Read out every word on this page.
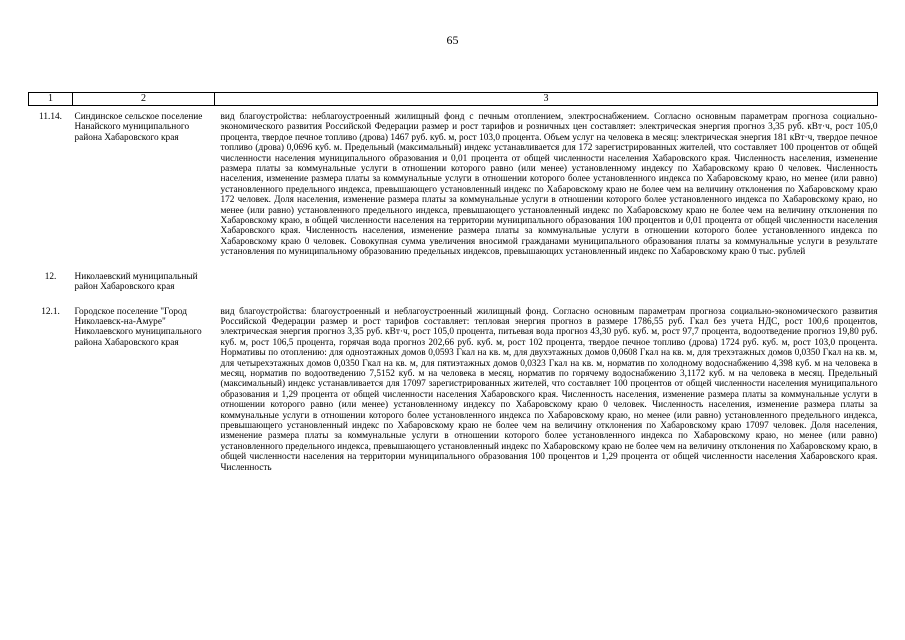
65
1	2	3
11.14.	Синдинское сельское поселение Нанайского муниципального района Хабаровского края	вид благоустройства: неблагоустроенный жилищный фонд с печным отоплением, электроснабжением. Согласно основным параметрам прогноза социально-экономического развития Российской Федерации размер и рост тарифов и розничных цен составляет: электрическая энергия прогноз 3,35 руб. кВт·ч, рост 105,0 процента, твердое печное топливо (дрова) 1467 руб. куб. м, рост 103,0 процента. Объем услуг на человека в месяц: электрическая энергия 181 кВт·ч, твердое печное топливо (дрова) 0,0696 куб. м. Предельный (максимальный) индекс устанавливается для 172 зарегистрированных жителей, что составляет 100 процентов от общей численности населения муниципального образования и 0,01 процента от общей численности населения Хабаровского края. Численность населения, изменение размера платы за коммунальные услуги в отношении которого равно (или менее) установленному индексу по Хабаровскому краю 0 человек. Численность населения, изменение размера платы за коммунальные услуги в отношении которого более установленного индекса по Хабаровскому краю, но менее (или равно) установленного предельного индекса, превышающего установленный индекс по Хабаровскому краю не более чем на величину отклонения по Хабаровскому краю 172 человек. Доля населения, изменение размера платы за коммунальные услуги в отношении которого более установленного индекса по Хабаровскому краю, но менее (или равно) установленного предельного индекса, превышающего установленный индекс по Хабаровскому краю не более чем на величину отклонения по Хабаровскому краю, в общей численности населения на территории муниципального образования 100 процентов и 0,01 процента от общей численности населения Хабаровского края. Численность населения, изменение размера платы за коммунальные услуги в отношении которого более установленного индекса по Хабаровскому краю 0 человек. Совокупная сумма увеличения вносимой гражданами муниципального образования платы за коммунальные услуги в результате установления по муниципальному образованию предельных индексов, превышающих установленный индекс по Хабаровскому краю 0 тыс. рублей
12.	Николаевский муниципальный район Хабаровского края	
12.1.	Городское поселение "Город Николаевск-на-Амуре" Николаевского муниципального района Хабаровского края	вид благоустройства: благоустроенный и неблагоустроенный жилищный фонд. Согласно основным параметрам прогноза социально-экономического развития Российской Федерации размер и рост тарифов составляет: тепловая энергия прогноз в размере 1786,55 руб. Гкал без учета НДС, рост 100,6 процентов, электрическая энергия прогноз 3,35 руб. кВт·ч, рост 105,0 процента, питьевая вода прогноз 43,30 руб. куб. м, рост 97,7 процента, водоотведение прогноз 19,80 руб. куб. м, рост 106,5 процента, горячая вода прогноз 202,66 руб. куб. м, рост 102 процента, твердое печное топливо (дрова) 1724 руб. куб. м, рост 103,0 процента. Нормативы по отоплению: для одноэтажных домов 0,0593 Гкал на кв. м, для двухэтажных домов 0,0608 Гкал на кв. м, для трехэтажных домов 0,0350 Гкал на кв. м, для четырехэтажных домов 0,0350 Гкал на кв. м, для пятиэтажных домов 0,0323 Гкал на кв. м, норматив по холодному водоснабжению 4,398 куб. м на человека в месяц, норматив по водоотведению 7,5152 куб. м на человека в месяц, норматив по горячему водоснабжению 3,1172 куб. м на человека в месяц. Предельный (максимальный) индекс устанавливается для 17097 зарегистрированных жителей, что составляет 100 процентов от общей численности населения муниципального образования и 1,29 процента от общей численности населения Хабаровского края. Численность населения, изменение размера платы за коммунальные услуги в отношении которого равно (или менее) установленному индексу по Хабаровскому краю 0 человек. Численность населения, изменение размера платы за коммунальные услуги в отношении которого более установленного индекса по Хабаровскому краю, но менее (или равно) установленного предельного индекса, превышающего установленный индекс по Хабаровскому краю не более чем на величину отклонения по Хабаровскому краю 17097 человек. Доля населения, изменение размера платы за коммунальные услуги в отношении которого более установленного индекса по Хабаровскому краю, но менее (или равно) установленного предельного индекса, превышающего установленный индекс по Хабаровскому краю не более чем на величину отклонения по Хабаровскому краю, в общей численности населения на территории муниципального образования 100 процентов и 1,29 процента от общей численности населения Хабаровского края. Численность
